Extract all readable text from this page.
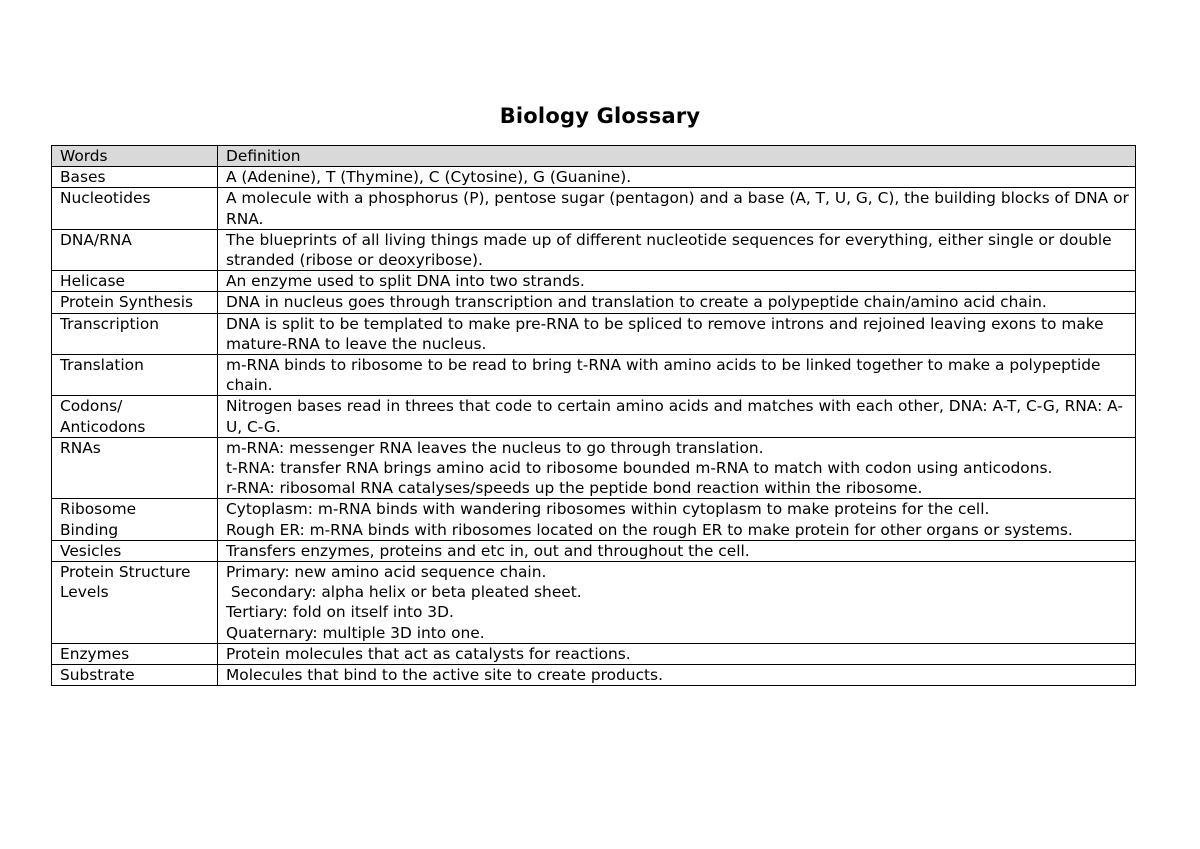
Biology Glossary
Words	Definition

Bases	A (Adenine), T (Thymine), C (Cytosine), G (Guanine).

Nucleotides	A molecule with a phosphorus (P), pentose sugar (pentagon) and a base (A, T, U, G, C), the building blocks of DNA or RNA.

DNA/RNA	The blueprints of all living things made up of different nucleotide sequences for everything, either single or double stranded (ribose or deoxyribose).

Helicase	An enzyme used to split DNA into two strands.

Protein Synthesis	DNA in nucleus goes through transcription and translation to create a polypeptide chain/amino acid chain.

Transcription	DNA is split to be templated to make pre-RNA to be spliced to remove introns and rejoined leaving exons to make mature-RNA to leave the nucleus.

Translation	m-RNA binds to ribosome to be read to bring t-RNA with amino acids to be linked together to make a polypeptide chain.

Codons/
Anticodons	Nitrogen bases read in threes that code to certain amino acids and matches with each other, DNA: A-T, C-G, RNA: A-U, C-G.

RNAs	m-RNA: messenger RNA leaves the nucleus to go through translation.
t-RNA: transfer RNA brings amino acid to ribosome bounded m-RNA to match with codon using anticodons.
r-RNA: ribosomal RNA catalyses/speeds up the peptide bond reaction within the ribosome.

Ribosome
Binding	Cytoplasm: m-RNA binds with wandering ribosomes within cytoplasm to make proteins for the cell.
Rough ER: m-RNA binds with ribosomes located on the rough ER to make protein for other organs or systems.

Vesicles	Transfers enzymes, proteins and etc in, out and throughout the cell.

Protein Structure
Levels	Primary: new amino acid sequence chain.
Secondary: alpha helix or beta pleated sheet.
Tertiary: fold on itself into 3D.
Quaternary: multiple 3D into one.

Enzymes	Protein molecules that act as catalysts for reactions.

Substrate	Molecules that bind to the active site to create products.
